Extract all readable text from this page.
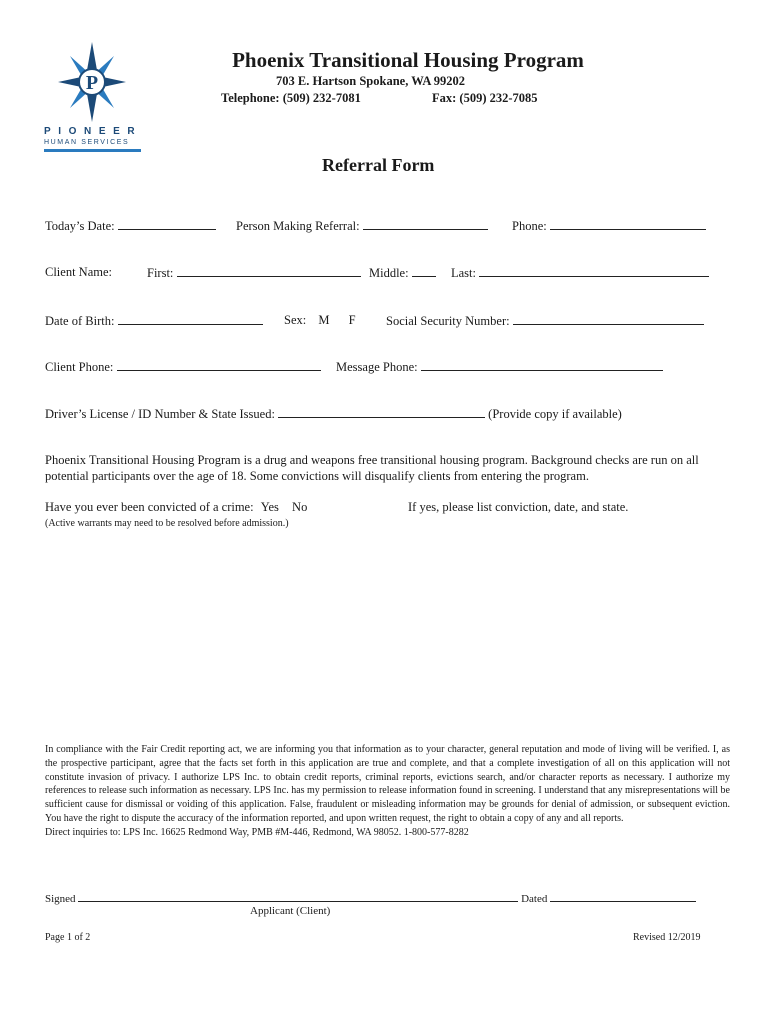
P
PIONEER
HUMAN SERVICES
Phoenix Transitional Housing Program
703 E. Hartson Spokane, WA 99202
Telephone: (509) 232-7081	Fax: (509) 232-7085
Referral Form
Today’s Date:	Person Making Referral:	Phone:
Client Name:	First:	Middle:	Last:
Date of Birth:	Sex: M F Social Security Number:
Client Phone:	Message Phone:
Driver’s License / ID Number & State Issued:	(Provide copy if available)
Phoenix Transitional Housing Program is a drug and weapons free transitional housing program. Background checks are run on all potential participants over the age of 18. Some convictions will disqualify clients from entering the program.
Have you ever been convicted of a crime: Yes No	If yes, please list conviction, date, and state.
(Active warrants may need to be resolved before admission.)

In compliance with the Fair Credit reporting act, we are informing you that information as to your character, general reputation and mode of living will be verified. I, as the prospective participant, agree that the facts set forth in this application are true and complete, and that a complete investigation of all on this application will not constitute invasion of privacy. I authorize LPS Inc. to obtain credit reports, criminal reports, evictions search, and/or character reports as necessary. I authorize my references to release such information as necessary. LPS Inc. has my permission to release information found in screening. I understand that any misrepresentations will be sufficient cause for dismissal or voiding of this application. False, fraudulent or misleading information may be grounds for denial of admission, or subsequent eviction. You have the right to dispute the accuracy of the information reported, and upon written request, the right to obtain a copy of any and all reports.

Direct inquiries to: LPS Inc. 16625 Redmond Way, PMB #M-446, Redmond, WA 98052. 1-800-577-8282

Signed	Dated
Applicant (Client)
Page 1 of 2	Revised 12/2019
